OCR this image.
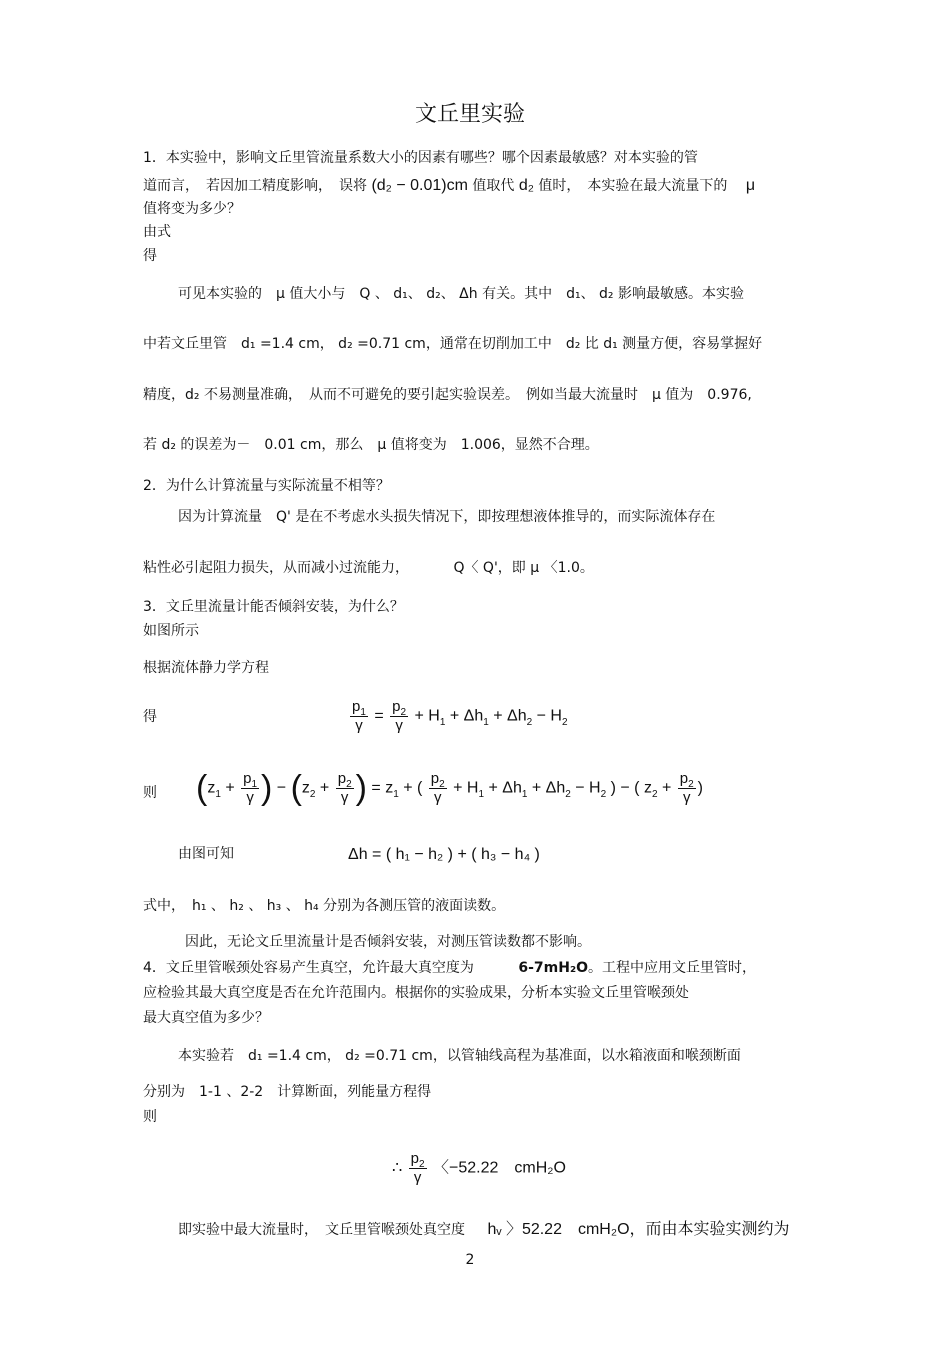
文丘里实验
1．本实验中，影响文丘里管流量系数大小的因素有哪些？哪个因素最敏感？对本实验的管
道而言，　若因加工精度影响，　误将 (d₂ − 0.01)cm 值取代 d₂ 值时，　本实验在最大流量下的 μ
值将变为多少？
由式
得
可见本实验的　μ 值大小与　Q 、 d₁、 d₂、 Δh 有关。其中　d₁、 d₂ 影响最敏感。本实验
中若文丘里管　d₁ =1.4 cm， d₂ =0.71 cm，通常在切削加工中　d₂ 比 d₁ 测量方便，容易掌握好
精度，d₂ 不易测量准确，　从而不可避免的要引起实验误差。　例如当最大流量时　μ 值为　0.976,
若 d₂ 的误差为－　0.01 cm，那么　μ 值将变为　1.006，显然不合理。
2．为什么计算流量与实际流量不相等？
因为计算流量　Q' 是在不考虑水头损失情况下，即按理想液体推导的，而实际流体存在
粘性必引起阻力损失，从而减小过流能力，	Q〈 Q'，即 μ 〈1.0。
3．文丘里流量计能否倾斜安装，为什么？
如图所示
根据流体静力学方程
得	$\frac{p_1}{\gamma} = \frac{p_2}{\gamma} + H_1 + \Delta h_1 + \Delta h_2 - H_2$
则 ($z_1 + \frac{p_1}{\gamma}$ ) − ($z_2 + \frac{p_2}{\gamma}$ ) = $z_1$ + ( $\frac{p_2}{\gamma} + H_1 + \Delta h_1 + \Delta h_2 - H_2$ ) − ( $z_2 + \frac{p_2}{\gamma}$ )
由图可知	Δh = ( h₁ − h₂ ) + ( h₃ − h₄ )
式中，　h₁ 、 h₂ 、 h₃ 、 h₄ 分别为各测压管的液面读数。
因此，无论文丘里流量计是否倾斜安装，对测压管读数都不影响。
4．文丘里管喉颈处容易产生真空，允许最大真空度为	6-7mH₂O。工程中应用文丘里管时，
应检验其最大真空度是否在允许范围内。根据你的实验成果，分析本实验文丘里管喉颈处
最大真空值为多少？
本实验若　d₁ =1.4 cm， d₂ =0.71 cm，以管轴线高程为基准面，以水箱液面和喉颈断面
分别为　1-1 、2-2　计算断面，列能量方程得
则
∴ $\frac{p_2}{\gamma}$ 〈−52.22　cmH₂O
即实验中最大流量时，　文丘里管喉颈处真空度 hᵥ 〉52.22　cmH₂O，而由本实验实测约为
2
